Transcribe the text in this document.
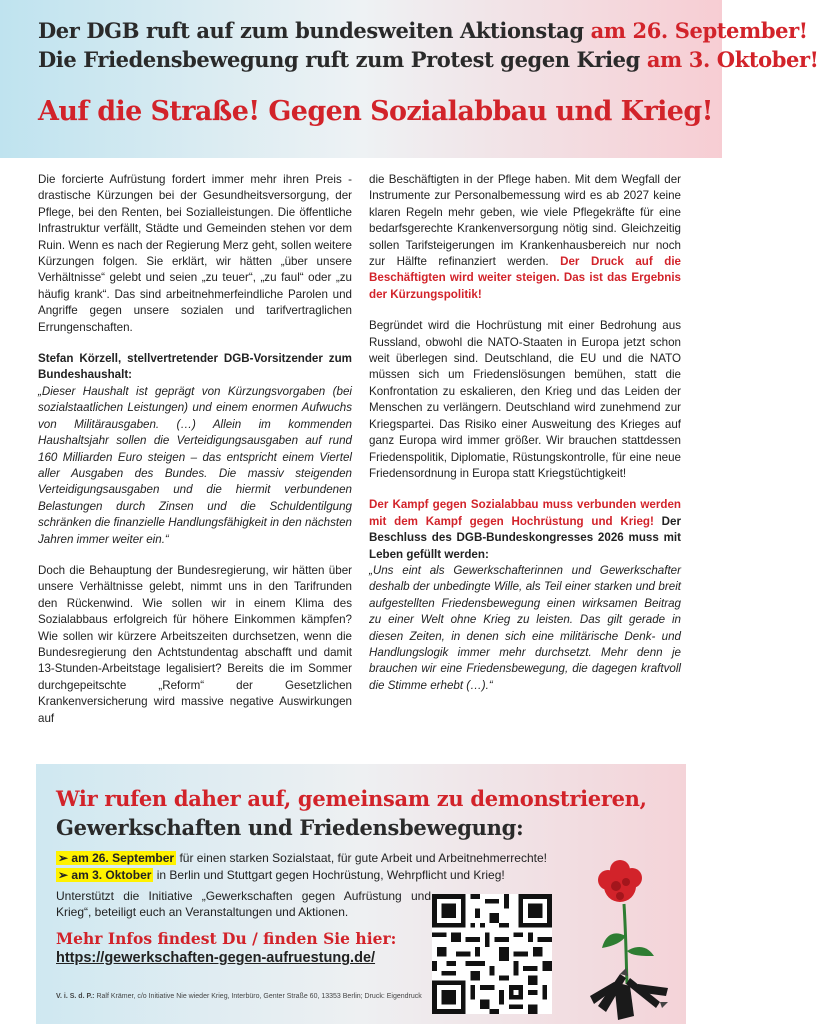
Der DGB ruft auf zum bundesweiten Aktionstag am 26. September!
Die Friedensbewegung ruft zum Protest gegen Krieg am 3. Oktober!
Auf die Straße! Gegen Sozialabbau und Krieg!

Die forcierte Aufrüstung fordert immer mehr ihren Preis - drastische Kürzungen bei der Gesundheitsversorgung, der Pflege, bei den Renten, bei Sozialleistungen. Die öffentliche Infrastruktur verfällt, Städte und Gemeinden stehen vor dem Ruin. Wenn es nach der Regierung Merz geht, sollen weitere Kürzungen folgen. Sie erklärt, wir hätten „über unsere Verhältnisse“ gelebt und seien „zu teuer“, „zu faul“ oder „zu häufig krank“. Das sind arbeitnehmerfeindliche Parolen und Angriffe gegen unsere sozialen und tarifvertraglichen Errungenschaften.

Stefan Körzell, stellvertretender DGB-Vorsitzender zum Bundeshaushalt:

„Dieser Haushalt ist geprägt von Kürzungsvorgaben (bei sozialstaatlichen Leistungen) und einem enormen Aufwuchs von Militärausgaben. (…) Allein im kommenden Haushaltsjahr sollen die Verteidigungsausgaben auf rund 160 Milliarden Euro steigen – das entspricht einem Viertel aller Ausgaben des Bundes. Die massiv steigenden Verteidigungsausgaben und die hiermit verbundenen Belastungen durch Zinsen und die Schuldentilgung schränken die finanzielle Handlungsfähigkeit in den nächsten Jahren immer weiter ein.“

Doch die Behauptung der Bundesregierung, wir hätten über unsere Verhältnisse gelebt, nimmt uns in den Tarifrunden den Rückenwind. Wie sollen wir in einem Klima des Sozialabbaus erfolgreich für höhere Einkommen kämpfen? Wie sollen wir kürzere Arbeitszeiten durchsetzen, wenn die Bundesregierung den Achtstundentag abschafft und damit 13-Stunden-Arbeitstage legalisiert? Bereits die im Sommer durchgepeitschte „Reform“ der Gesetzlichen Krankenversicherung wird massive negative Auswirkungen auf

die Beschäftigten in der Pflege haben. Mit dem Wegfall der Instrumente zur Personalbemessung wird es ab 2027 keine klaren Regeln mehr geben, wie viele Pflegekräfte für eine bedarfsgerechte Krankenversorgung nötig sind. Gleichzeitig sollen Tarifsteigerungen im Krankenhausbereich nur noch zur Hälfte refinanziert werden. Der Druck auf die Beschäftigten wird weiter steigen. Das ist das Ergebnis der Kürzungspolitik!

Begründet wird die Hochrüstung mit einer Bedrohung aus Russland, obwohl die NATO-Staaten in Europa jetzt schon weit überlegen sind. Deutschland, die EU und die NATO müssen sich um Friedenslösungen bemühen, statt die Konfrontation zu eskalieren, den Krieg und das Leiden der Menschen zu verlängern. Deutschland wird zunehmend zur Kriegspartei. Das Risiko einer Ausweitung des Krieges auf ganz Europa wird immer größer. Wir brauchen stattdessen Friedenspolitik, Diplomatie, Rüstungskontrolle, für eine neue Friedensordnung in Europa statt Kriegstüchtigkeit!

Der Kampf gegen Sozialabbau muss verbunden werden mit dem Kampf gegen Hochrüstung und Krieg! Der Beschluss des DGB-Bundeskongresses 2026 muss mit Leben gefüllt werden:

„Uns eint als Gewerkschafterinnen und Gewerkschafter deshalb der unbedingte Wille, als Teil einer starken und breit aufgestellten Friedensbewegung einen wirksamen Beitrag zu einer Welt ohne Krieg zu leisten. Das gilt gerade in diesen Zeiten, in denen sich eine militärische Denk- und Handlungslogik immer mehr durchsetzt. Mehr denn je brauchen wir eine Friedensbewegung, die dagegen kraftvoll die Stimme erhebt (…).“

Wir rufen daher auf, gemeinsam zu demonstrieren,
Gewerkschaften und Friedensbewegung:
➢ am 26. September für einen starken Sozialstaat, für gute Arbeit und Arbeitnehmerrechte!
➢ am 3. Oktober in Berlin und Stuttgart gegen Hochrüstung, Wehrpflicht und Krieg!
Unterstützt die Initiative „Gewerkschaften gegen Aufrüstung und Krieg“, beteiligt euch an Veranstaltungen und Aktionen.
Mehr Infos findest Du / finden Sie hier:
https://gewerkschaften-gegen-aufruestung.de/
V. i. S. d. P.: Ralf Krämer, c/o Initiative Nie wieder Krieg, Interbüro, Genter Straße 60, 13353 Berlin; Druck: Eigendruck
